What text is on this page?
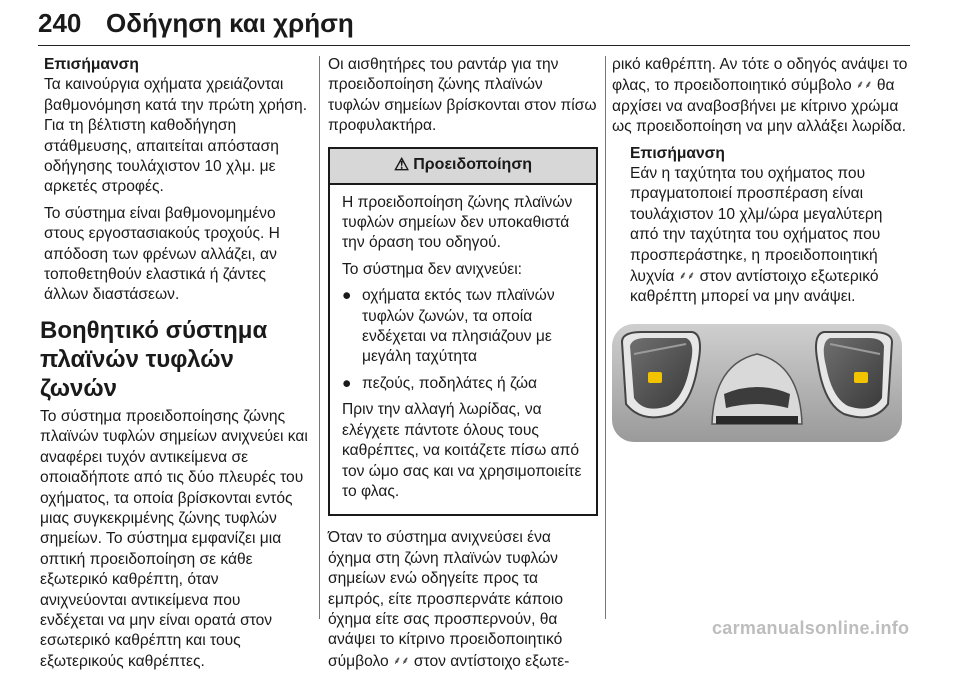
240 Οδήγηση και χρήση
Επισήμανση

Τα καινούργια οχήματα χρειάζονται βαθμονόμηση κατά την πρώτη χρήση. Για τη βέλτιστη καθοδήγηση στάθμευσης, απαιτείται απόσταση οδήγησης τουλάχιστον 10 χλμ. με αρκετές στροφές.

Το σύστημα είναι βαθμονομημένο στους εργοστασιακούς τροχούς. Η απόδοση των φρένων αλλάζει, αν τοποθετηθούν ελαστικά ή ζάντες άλλων διαστάσεων.

Βοηθητικό σύστημα πλαϊνών τυφλών ζωνών

Το σύστημα προειδοποίησης ζώνης πλαϊνών τυφλών σημείων ανιχνεύει και αναφέρει τυχόν αντικείμενα σε οποιαδήποτε από τις δύο πλευρές του οχήματος, τα οποία βρίσκονται εντός μιας συγκεκριμένης ζώνης τυφλών σημείων. Το σύστημα εμφανίζει μια οπτική προειδοποίηση σε κάθε εξωτερικό καθρέπτη, όταν ανιχνεύονται αντικείμενα που ενδέχεται να μην είναι ορατά στον εσωτερικό καθρέπτη και τους εξωτερικούς καθρέπτες.

Οι αισθητήρες του ραντάρ για την προειδοποίηση ζώνης πλαϊνών τυφλών σημείων βρίσκονται στον πίσω προφυλακτήρα.

⚠ Προειδοποίηση

Η προειδοποίηση ζώνης πλαϊνών τυφλών σημείων δεν υποκαθιστά την όραση του οδηγού.

Το σύστημα δεν ανιχνεύει:

● οχήματα εκτός των πλαϊνών τυφλών ζωνών, τα οποία ενδέχεται να πλησιάζουν με μεγάλη ταχύτητα
● πεζούς, ποδηλάτες ή ζώα

Πριν την αλλαγή λωρίδας, να ελέγχετε πάντοτε όλους τους καθρέπτες, να κοιτάζετε πίσω από τον ώμο σας και να χρησιμοποιείτε το φλας.

Όταν το σύστημα ανιχνεύσει ένα όχημα στη ζώνη πλαϊνών τυφλών σημείων ενώ οδηγείτε προς τα εμπρός, είτε προσπερνάτε κάποιο όχημα είτε σας προσπερνούν, θα ανάψει το κίτρινο προειδοποιητικό σύμβολο ⸙⸙ στον αντίστοιχο εξωτε-

ρικό καθρέπτη. Αν τότε ο οδηγός ανάψει το φλας, το προειδοποιητικό σύμβολο ⸙⸙ θα αρχίσει να αναβοσβήνει με κίτρινο χρώμα ως προειδοποίηση να μην αλλάξει λωρίδα.

Επισήμανση

Εάν η ταχύτητα του οχήματος που πραγματοποιεί προσπέραση είναι τουλάχιστον 10 χλμ/ώρα μεγαλύτερη από την ταχύτητα του οχήματος που προσπεράστηκε, η προειδοποιητική λυχνία ⸙⸙ στον αντίστοιχο εξωτερικό καθρέπτη μπορεί να μην ανάψει.

carmanualsonline.info
